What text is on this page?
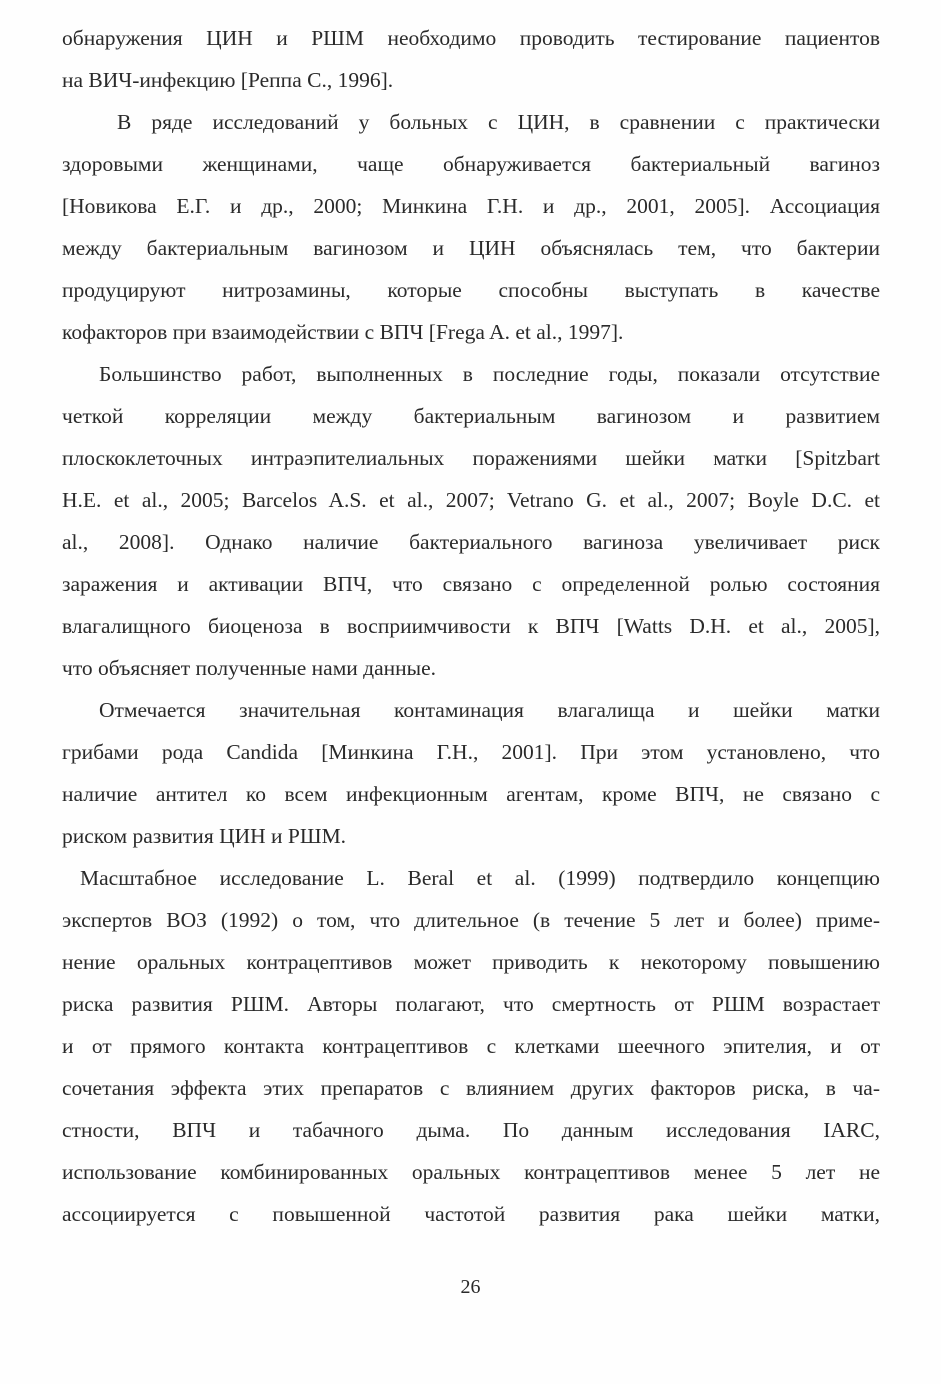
обнаружения ЦИН и РШМ необходимо проводить тестирование пациентов
на ВИЧ-инфекцию [Реппа С., 1996].
В ряде исследований у больных с ЦИН, в сравнении с практически
здоровыми женщинами, чаще обнаруживается бактериальный вагиноз
[Новикова Е.Г. и др., 2000; Минкина Г.Н. и др., 2001, 2005]. Ассоциация
между бактериальным вагинозом и ЦИН объяснялась тем, что бактерии
продуцируют нитрозамины, которые способны выступать в качестве
кофакторов при взаимодействии с ВПЧ [Frega A. et al., 1997].
Большинство работ, выполненных в последние годы, показали отсутствие
четкой корреляции между бактериальным вагинозом и развитием
плоскоклеточных интраэпителиальных поражениями шейки матки [Spitzbart
H.E. et al., 2005; Barcelos A.S. et al., 2007; Vetrano G. et al., 2007; Boyle D.C. et
al., 2008]. Однако наличие бактериального вагиноза увеличивает риск
заражения и активации ВПЧ, что связано с определенной ролью состояния
влагалищного биоценоза в восприимчивости к ВПЧ [Watts D.H. et al., 2005],
что объясняет полученные нами данные.
Отмечается значительная контаминация влагалища и шейки матки
грибами рода Candida [Минкина Г.Н., 2001]. При этом установлено, что
наличие антител ко всем инфекционным агентам, кроме ВПЧ, не связано с
риском развития ЦИН и РШМ.
Масштабное исследование L. Beral et al. (1999) подтвердило концепцию
экспертов ВОЗ (1992) о том, что длительное (в течение 5 лет и более) приме-
нение оральных контрацептивов может приводить к некоторому повышению
риска развития РШМ. Авторы полагают, что смертность от РШМ возрастает
и от прямого контакта контрацептивов с клетками шеечного эпителия, и от
сочетания эффекта этих препаратов с влиянием других факторов риска, в ча-
стности, ВПЧ и табачного дыма. По данным исследования IARC,
использование комбинированных оральных контрацептивов менее 5 лет не
ассоциируется с повышенной частотой развития рака шейки матки,
26
